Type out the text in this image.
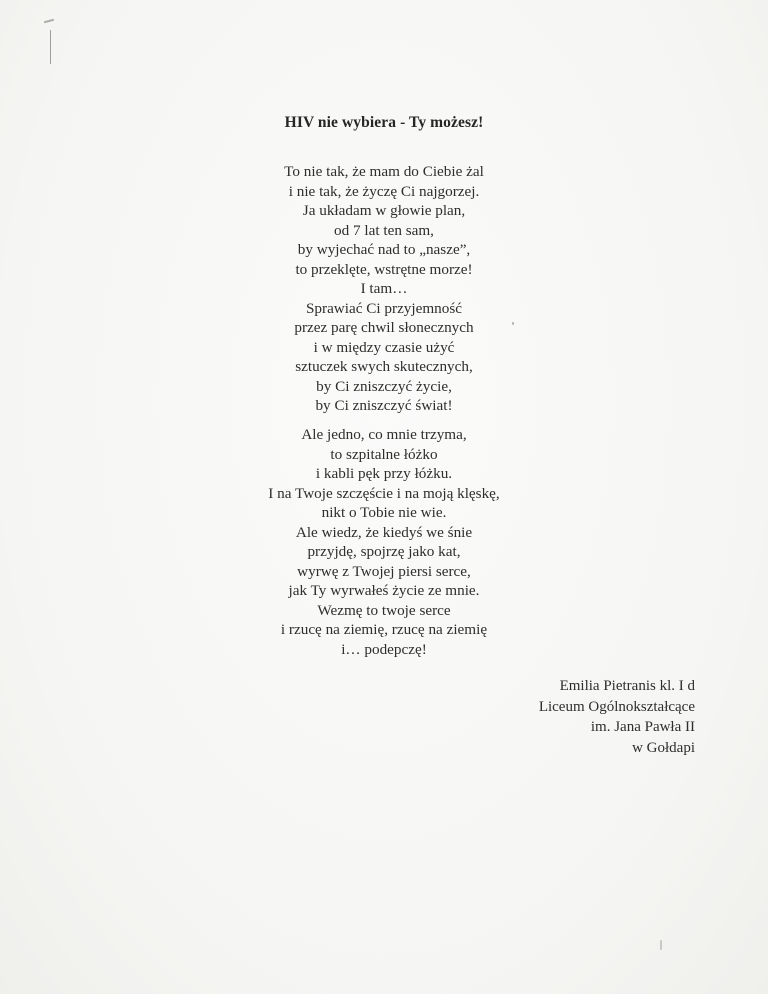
HIV nie wybiera - Ty możesz!
To nie tak, że mam do Ciebie żal
i nie tak, że życzę Ci najgorzej.
Ja układam w głowie plan,
od 7 lat ten sam,
by wyjechać nad to „nasze”,
to przeklęte, wstrętne morze!
I tam…
Sprawiać Ci przyjemność
przez parę chwil słonecznych
i w między czasie użyć
sztuczek swych skutecznych,
by Ci zniszczyć życie,
by Ci zniszczyć świat!
Ale jedno, co mnie trzyma,
to szpitalne łóżko
i kabli pęk przy łóżku.
I na Twoje szczęście i na moją klęskę,
nikt o Tobie nie wie.
Ale wiedz, że kiedyś we śnie
przyjdę, spojrzę jako kat,
wyrwę z Twojej piersi serce,
jak Ty wyrwałeś życie ze mnie.
Wezmę to twoje serce
i rzucę na ziemię, rzucę na ziemię
i… podepczę!
Emilia Pietranis kl. I d
Liceum Ogólnokształcące
im. Jana Pawła II
w Gołdapi
